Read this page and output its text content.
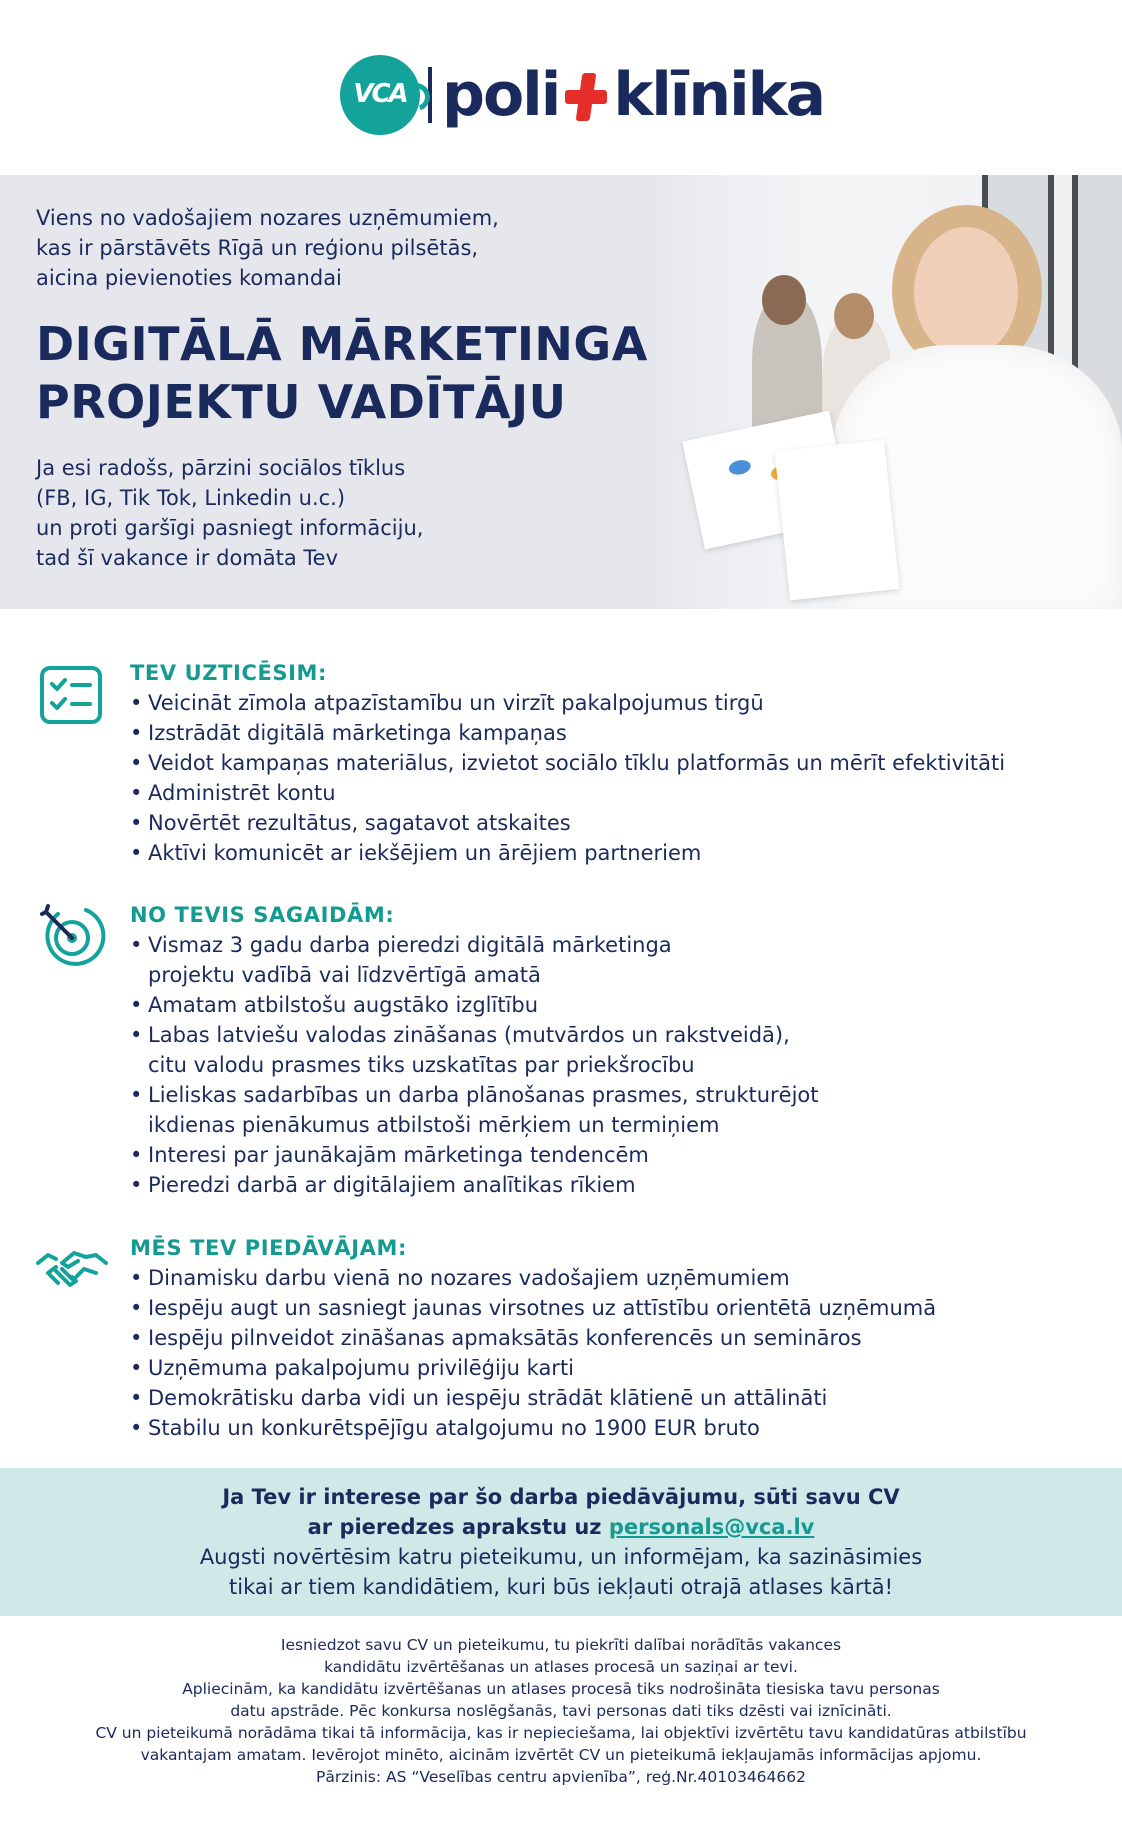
VCA poli klīnika

Viens no vadošajiem nozares uzņēmumiem,
kas ir pārstāvēts Rīgā un reģionu pilsētās,
aicina pievienoties komandai

DIGITĀLĀ MĀRKETINGA
PROJEKTU VADĪTĀJU

Ja esi radošs, pārzini sociālos tīklus
(FB, IG, Tik Tok, Linkedin u.c.)
un proti garšīgi pasniegt informāciju,
tad šī vakance ir domāta Tev

TEV UZTICĒSIM:
• Veicināt zīmola atpazīstamību un virzīt pakalpojumus tirgū
• Izstrādāt digitālā mārketinga kampaņas
• Veidot kampaņas materiālus, izvietot sociālo tīklu platformās un mērīt efektivitāti
• Administrēt kontu
• Novērtēt rezultātus, sagatavot atskaites
• Aktīvi komunicēt ar iekšējiem un ārējiem partneriem
NO TEVIS SAGAIDĀM:
• Vismaz 3 gadu darba pieredzi digitālā mārketinga
projektu vadībā vai līdzvērtīgā amatā
• Amatam atbilstošu augstāko izglītību
• Labas latviešu valodas zināšanas (mutvārdos un rakstveidā),
citu valodu prasmes tiks uzskatītas par priekšrocību
• Lieliskas sadarbības un darba plānošanas prasmes, strukturējot
ikdienas pienākumus atbilstoši mērķiem un termiņiem
• Interesi par jaunākajām mārketinga tendencēm
• Pieredzi darbā ar digitālajiem analītikas rīkiem
MĒS TEV PIEDĀVĀJAM:
• Dinamisku darbu vienā no nozares vadošajiem uzņēmumiem
• Iespēju augt un sasniegt jaunas virsotnes uz attīstību orientētā uzņēmumā
• Iespēju pilnveidot zināšanas apmaksātās konferencēs un semināros
• Uzņēmuma pakalpojumu privilēģiju karti
• Demokrātisku darba vidi un iespēju strādāt klātienē un attālināti
• Stabilu un konkurētspējīgu atalgojumu no 1900 EUR bruto

Ja Tev ir interese par šo darba piedāvājumu, sūti savu CV

ar pieredzes aprakstu uz personals@vca.lv

Augsti novērtēsim katru pieteikumu, un informējam, ka sazināsimies

tikai ar tiem kandidātiem, kuri būs iekļauti otrajā atlases kārtā!

Iesniedzot savu CV un pieteikumu, tu piekrīti dalībai norādītās vakances

kandidātu izvērtēšanas un atlases procesā un saziņai ar tevi.

Apliecinām, ka kandidātu izvērtēšanas un atlases procesā tiks nodrošināta tiesiska tavu personas

datu apstrāde. Pēc konkursa noslēgšanās, tavi personas dati tiks dzēsti vai iznīcināti.

CV un pieteikumā norādāma tikai tā informācija, kas ir nepieciešama, lai objektīvi izvērtētu tavu kandidatūras atbilstību

vakantajam amatam. Ievērojot minēto, aicinām izvērtēt CV un pieteikumā iekļaujamās informācijas apjomu.

Pārzinis: AS “Veselības centru apvienība”, reģ.Nr.40103464662
